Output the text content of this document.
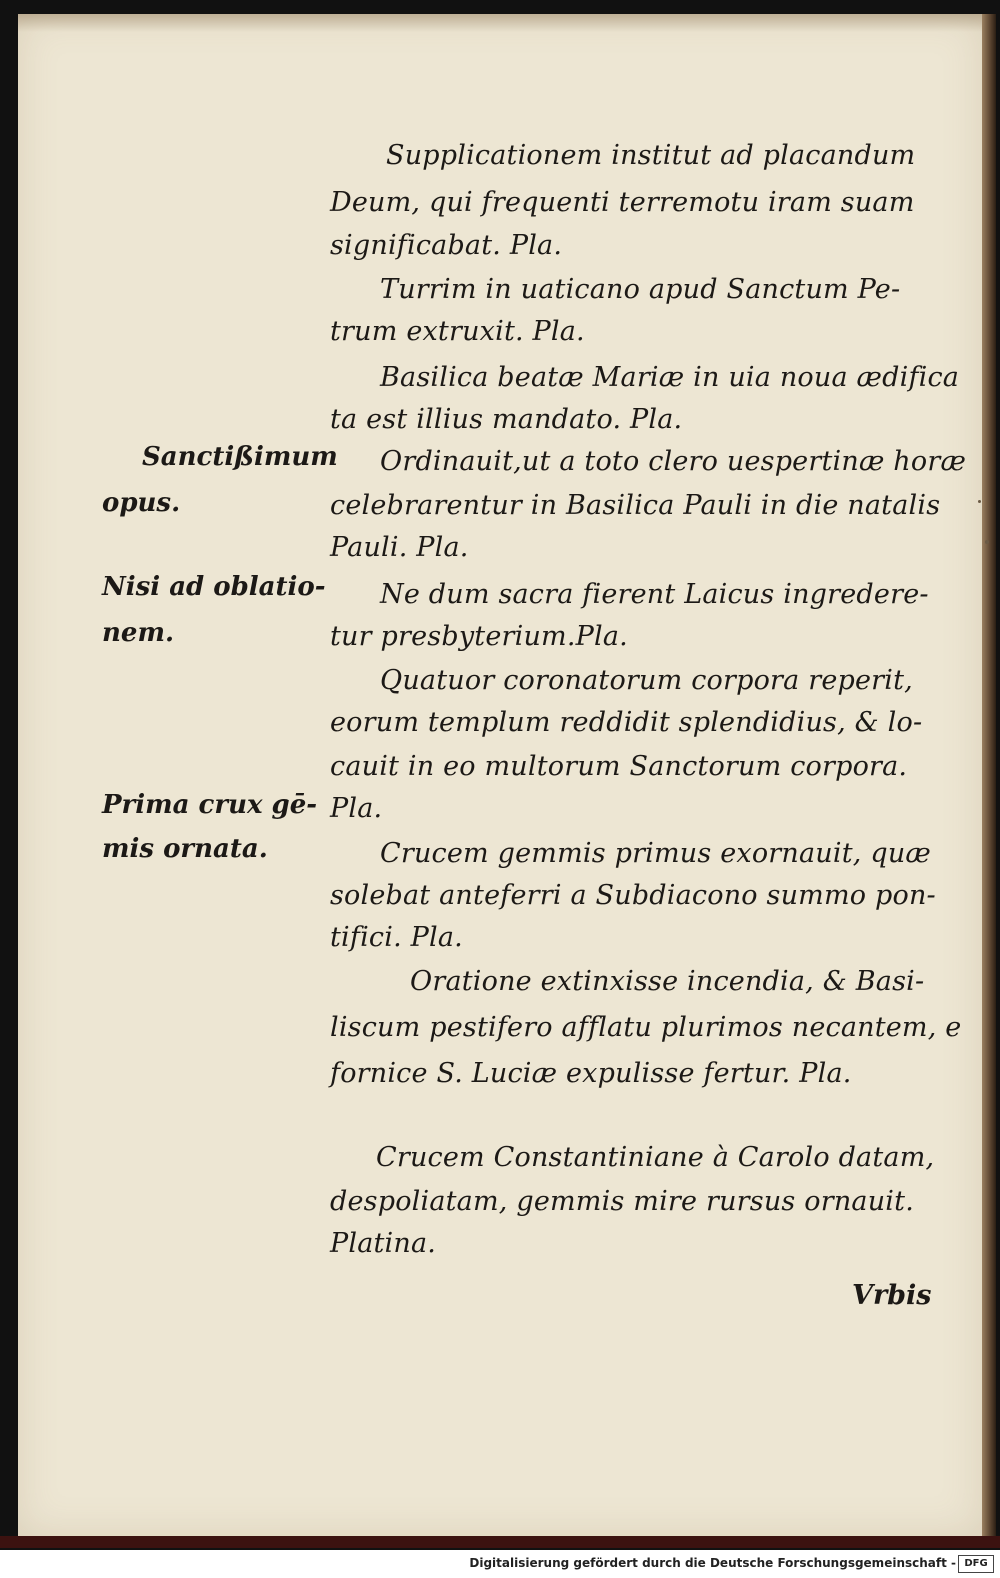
Supplicationem institut ad placandum
Deum, qui frequenti terremotu iram suam
significabat. Pla.
Turrim in uaticano apud Sanctum Pe-
trum extruxit. Pla.
Basilica beatæ Mariæ in uia noua ædifica
ta est illius mandato. Pla.
Ordinauit,ut a toto clero uespertinæ horæ
celebrarentur in Basilica Pauli in die natalis
Pauli. Pla.
Ne dum sacra fierent Laicus ingredere-
tur presbyterium.Pla.
Quatuor coronatorum corpora reperit,
eorum templum reddidit splendidius, & lo-
cauit in eo multorum Sanctorum corpora.
Pla.
Crucem gemmis primus exornauit, quæ
solebat anteferri a Subdiacono summo pon-
tifici. Pla.
Oratione extinxisse incendia, & Basi-
liscum pestifero afflatu plurimos necantem, e
fornice S. Luciæ expulisse fertur. Pla.
Crucem Constantiniane à Carolo datam,
despoliatam, gemmis mire rursus ornauit.
Platina.
Sanctißimum
opus.
Nisi ad oblatio-
nem.
Prima crux gē-
mis ornata.
Vrbis
Digitalisierung gefördert durch die Deutsche Forschungsgemeinschaft - DFG
